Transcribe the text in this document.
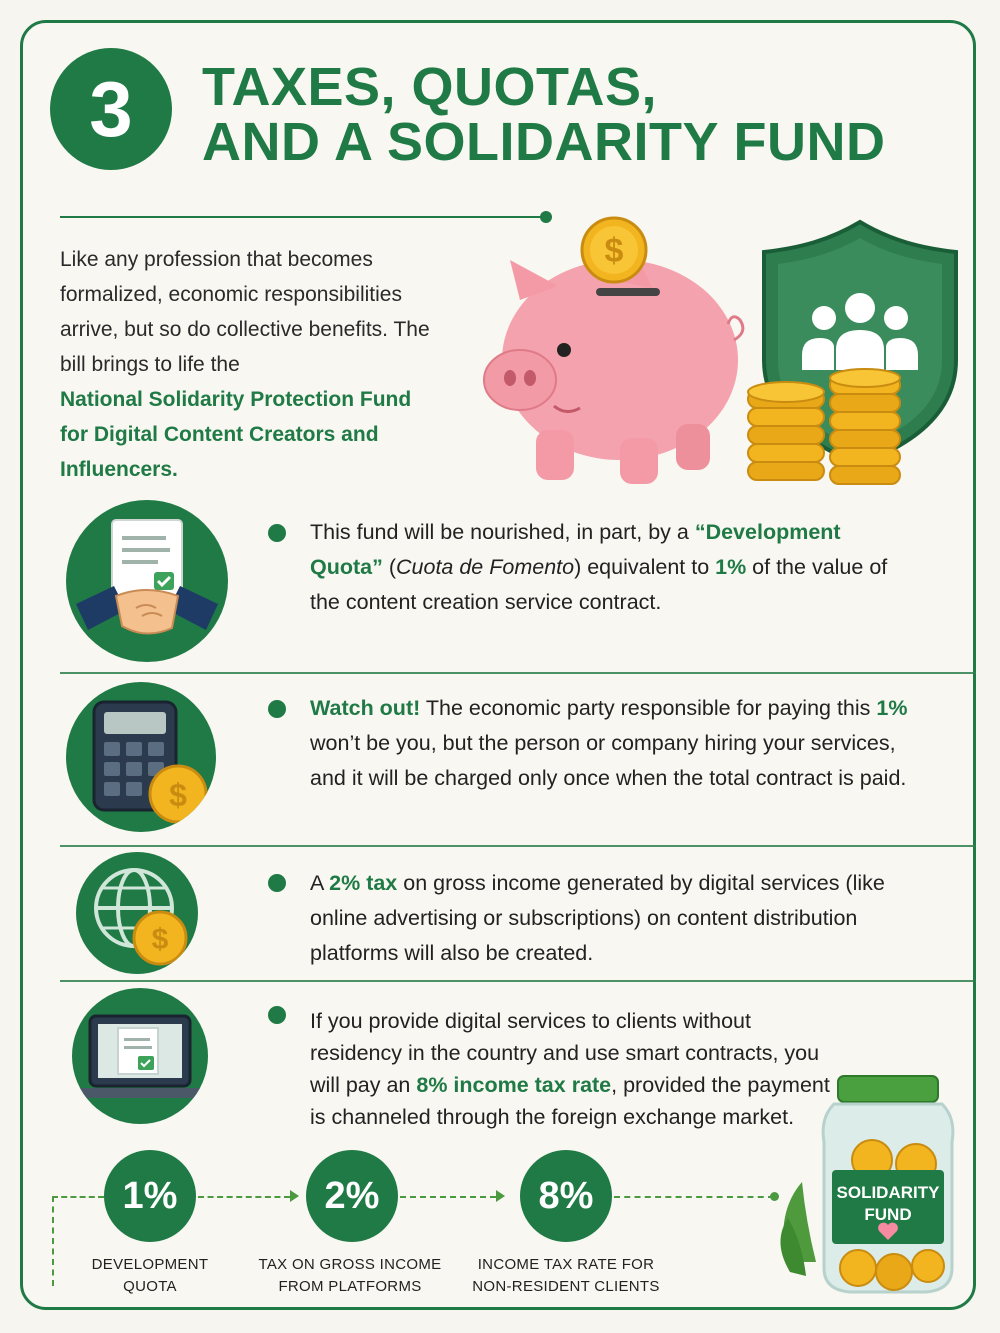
3 TAXES, QUOTAS,
AND A SOLIDARITY FUND
Like any profession that becomes formalized, economic responsibilities arrive, but so do collective benefits. The bill brings to life the
National Solidarity Protection Fund for Digital Content Creators and Influencers.
$
This fund will be nourished, in part, by a “Development Quota” (Cuota de Fomento) equivalent to 1% of the value of the content creation service contract.
$
Watch out! The economic party responsible for paying this 1% won’t be you, but the person or company hiring your services, and it will be charged only once when the total contract is paid.
$
A 2% tax on gross income generated by digital services (like online advertising or subscriptions) on content distribution platforms will also be created.
If you provide digital services to clients without residency in the country and use smart contracts, you will pay an 8% income tax rate, provided the payment is channeled through the foreign exchange market.
1%
DEVELOPMENT
QUOTA
2%
TAX ON GROSS INCOME
FROM PLATFORMS
8%
INCOME TAX RATE FOR
NON-RESIDENT CLIENTS
SOLIDARITY
FUND
